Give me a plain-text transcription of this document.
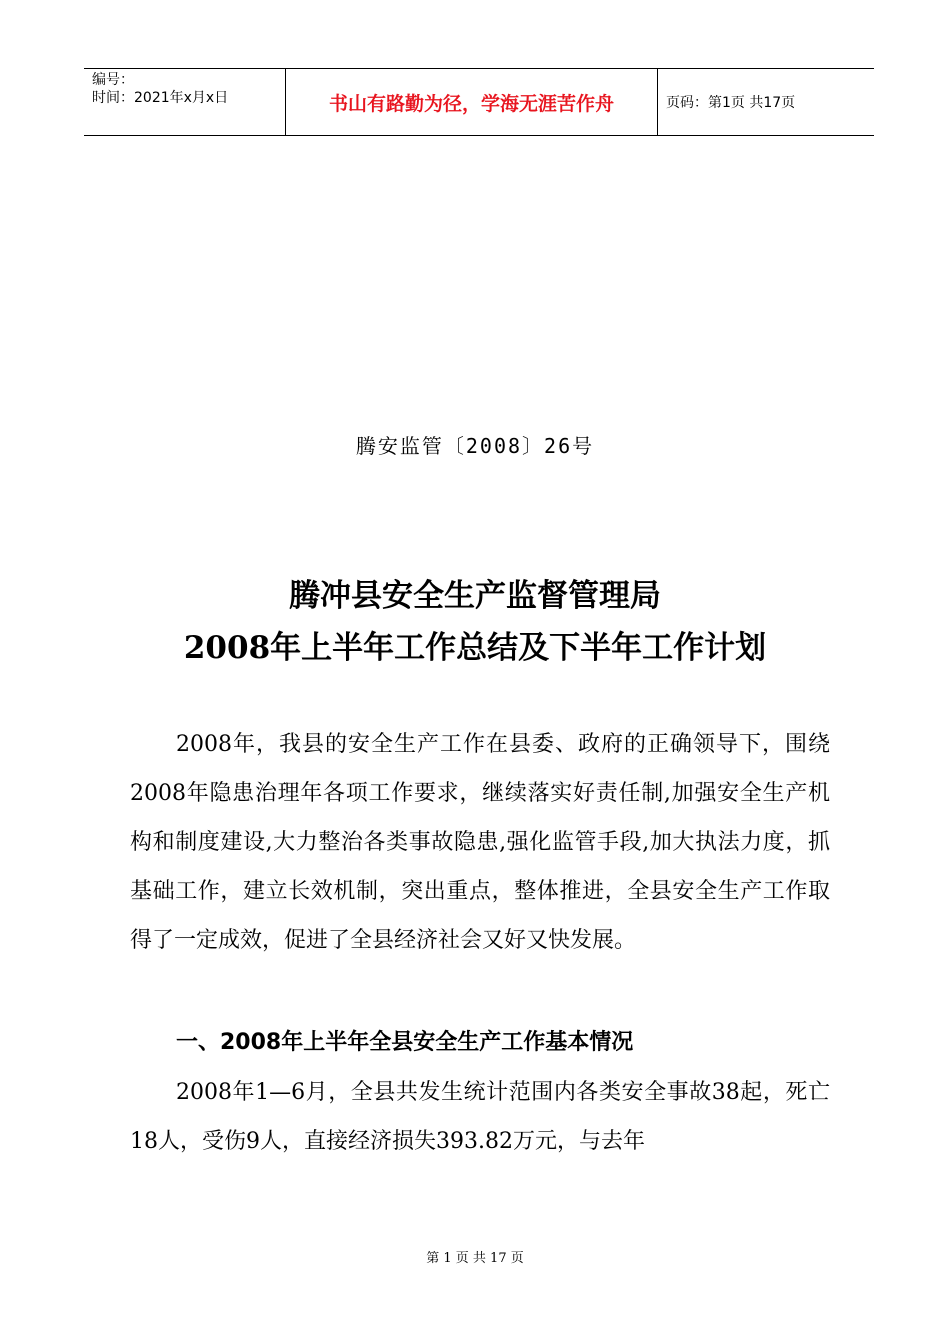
编号：
时间：2021年x月x日	书山有路勤为径，学海无涯苦作舟	页码：第1页 共17页
腾安监管〔2008〕26号
腾冲县安全生产监督管理局
2008年上半年工作总结及下半年工作计划
2008年，我县的安全生产工作在县委、政府的正确领导下，围绕2008年隐患治理年各项工作要求，继续落实好责任制,加强安全生产机构和制度建设,大力整治各类事故隐患,强化监管手段,加大执法力度，抓基础工作，建立长效机制，突出重点，整体推进，全县安全生产工作取得了一定成效，促进了全县经济社会又好又快发展。
一、2008年上半年全县安全生产工作基本情况
2008年1—6月，全县共发生统计范围内各类安全事故38起，死亡18人，受伤9人，直接经济损失393.82万元，与去年
第 1 页 共 17 页
